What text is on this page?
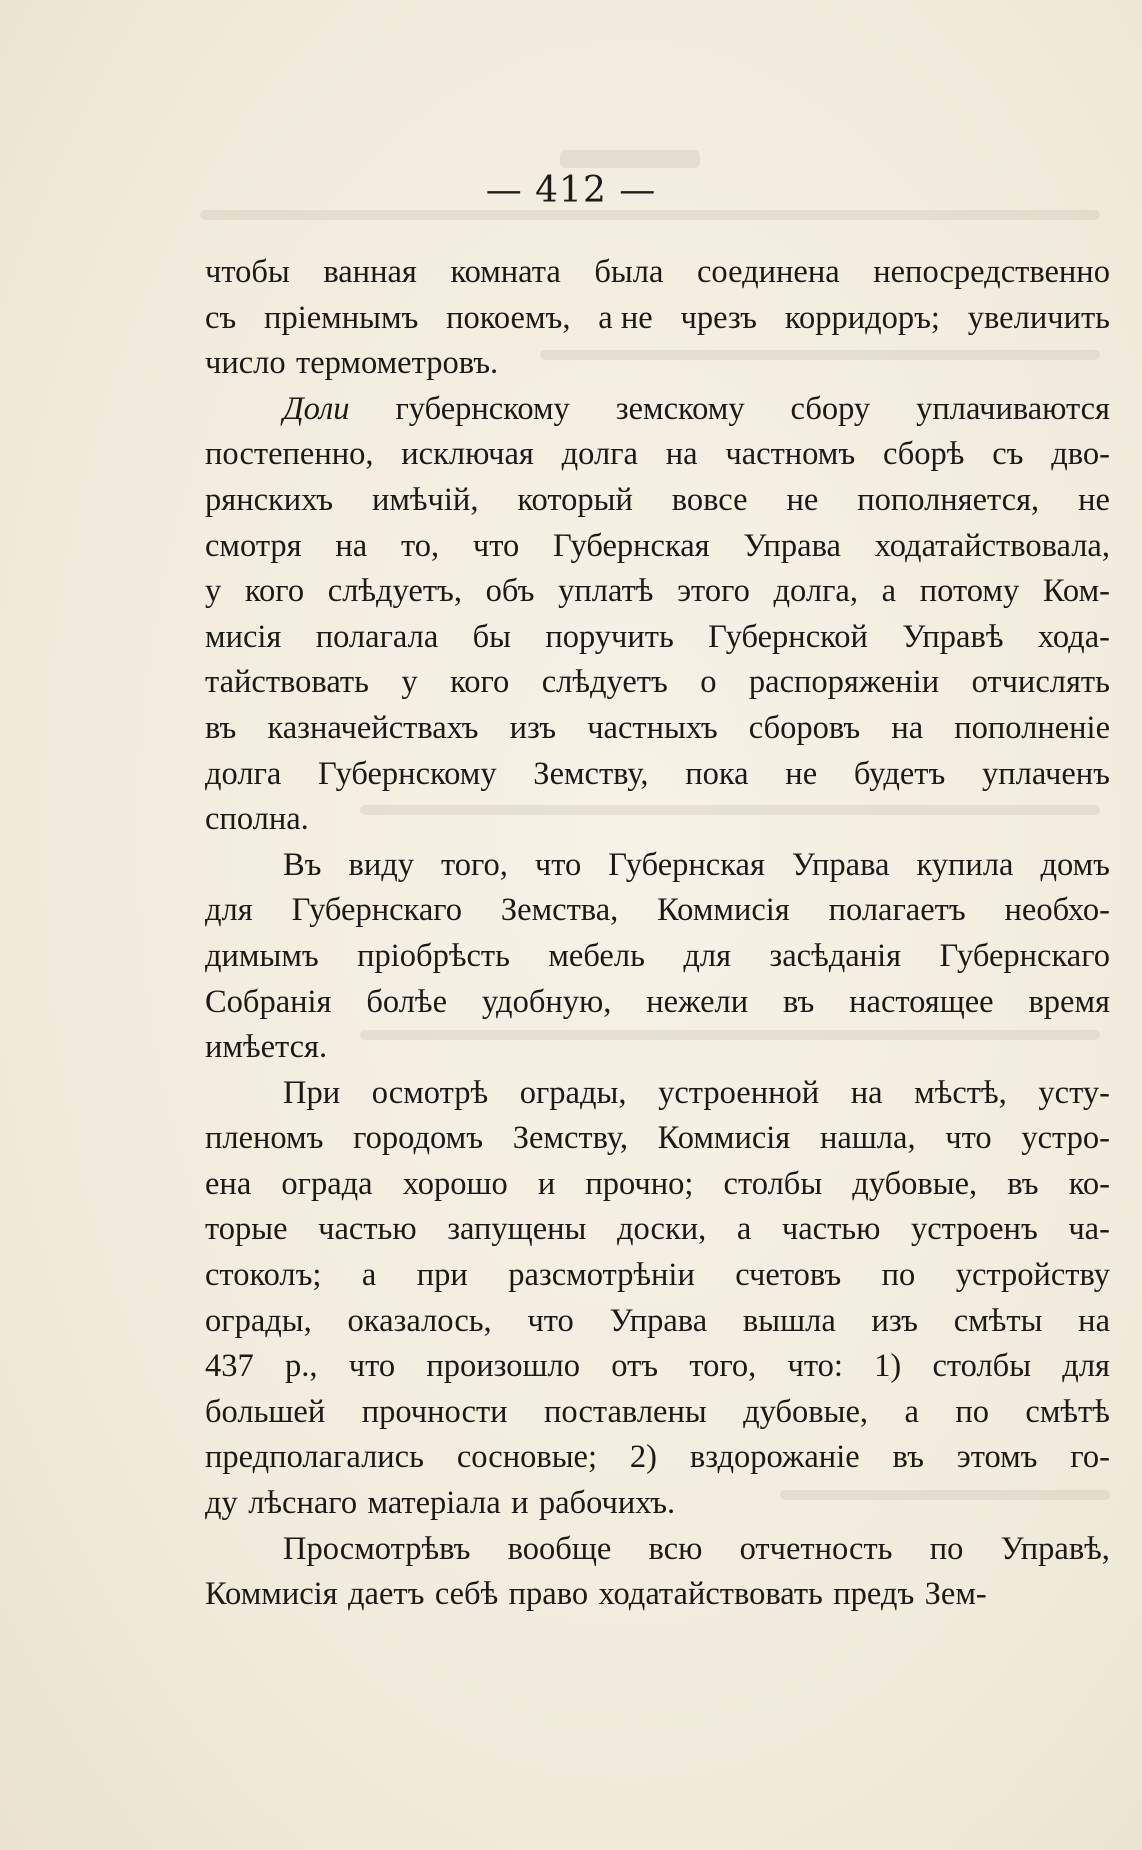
— 412 —
чтобы ванная комната была соединена непосредственно
съ пріемнымъ покоемъ, а не чрезъ корридоръ; увеличить
число термометровъ.
Доли губернскому земскому сбору уплачиваются
постепенно, исключая долга на частномъ сборѣ съ дво-
рянскихъ имѣчій, который вовсе не пополняется, не
смотря на то, что Губернская Управа ходатайствовала,
у кого слѣдуетъ, объ уплатѣ этого долга, а потому Ком-
мисія полагала бы поручить Губернской Управѣ хода-
тайствовать у кого слѣдуетъ о распоряженіи отчислять
въ казначействахъ изъ частныхъ сборовъ на пополненіе
долга Губернскому Земству, пока не будетъ уплаченъ
сполна.
Въ виду того, что Губернская Управа купила домъ
для Губернскаго Земства, Коммисія полагаетъ необхо-
димымъ пріобрѣсть мебель для засѣданія Губернскаго
Собранія болѣе удобную, нежели въ настоящее время
имѣется.
При осмотрѣ ограды, устроенной на мѣстѣ, усту-
пленомъ городомъ Земству, Коммисія нашла, что устро-
ена ограда хорошо и прочно; столбы дубовые, въ ко-
торые частью запущены доски, а частью устроенъ ча-
стоколъ; а при разсмотрѣніи счетовъ по устройству
ограды, оказалось, что Управа вышла изъ смѣты на
437 р., что произошло отъ того, что: 1) столбы для
большей прочности поставлены дубовые, а по смѣтѣ
предполагались сосновые; 2) вздорожаніе въ этомъ го-
ду лѣснаго матеріала и рабочихъ.
Просмотрѣвъ вообще всю отчетность по Управѣ,
Коммисія даетъ себѣ право ходатайствовать предъ Зем-
